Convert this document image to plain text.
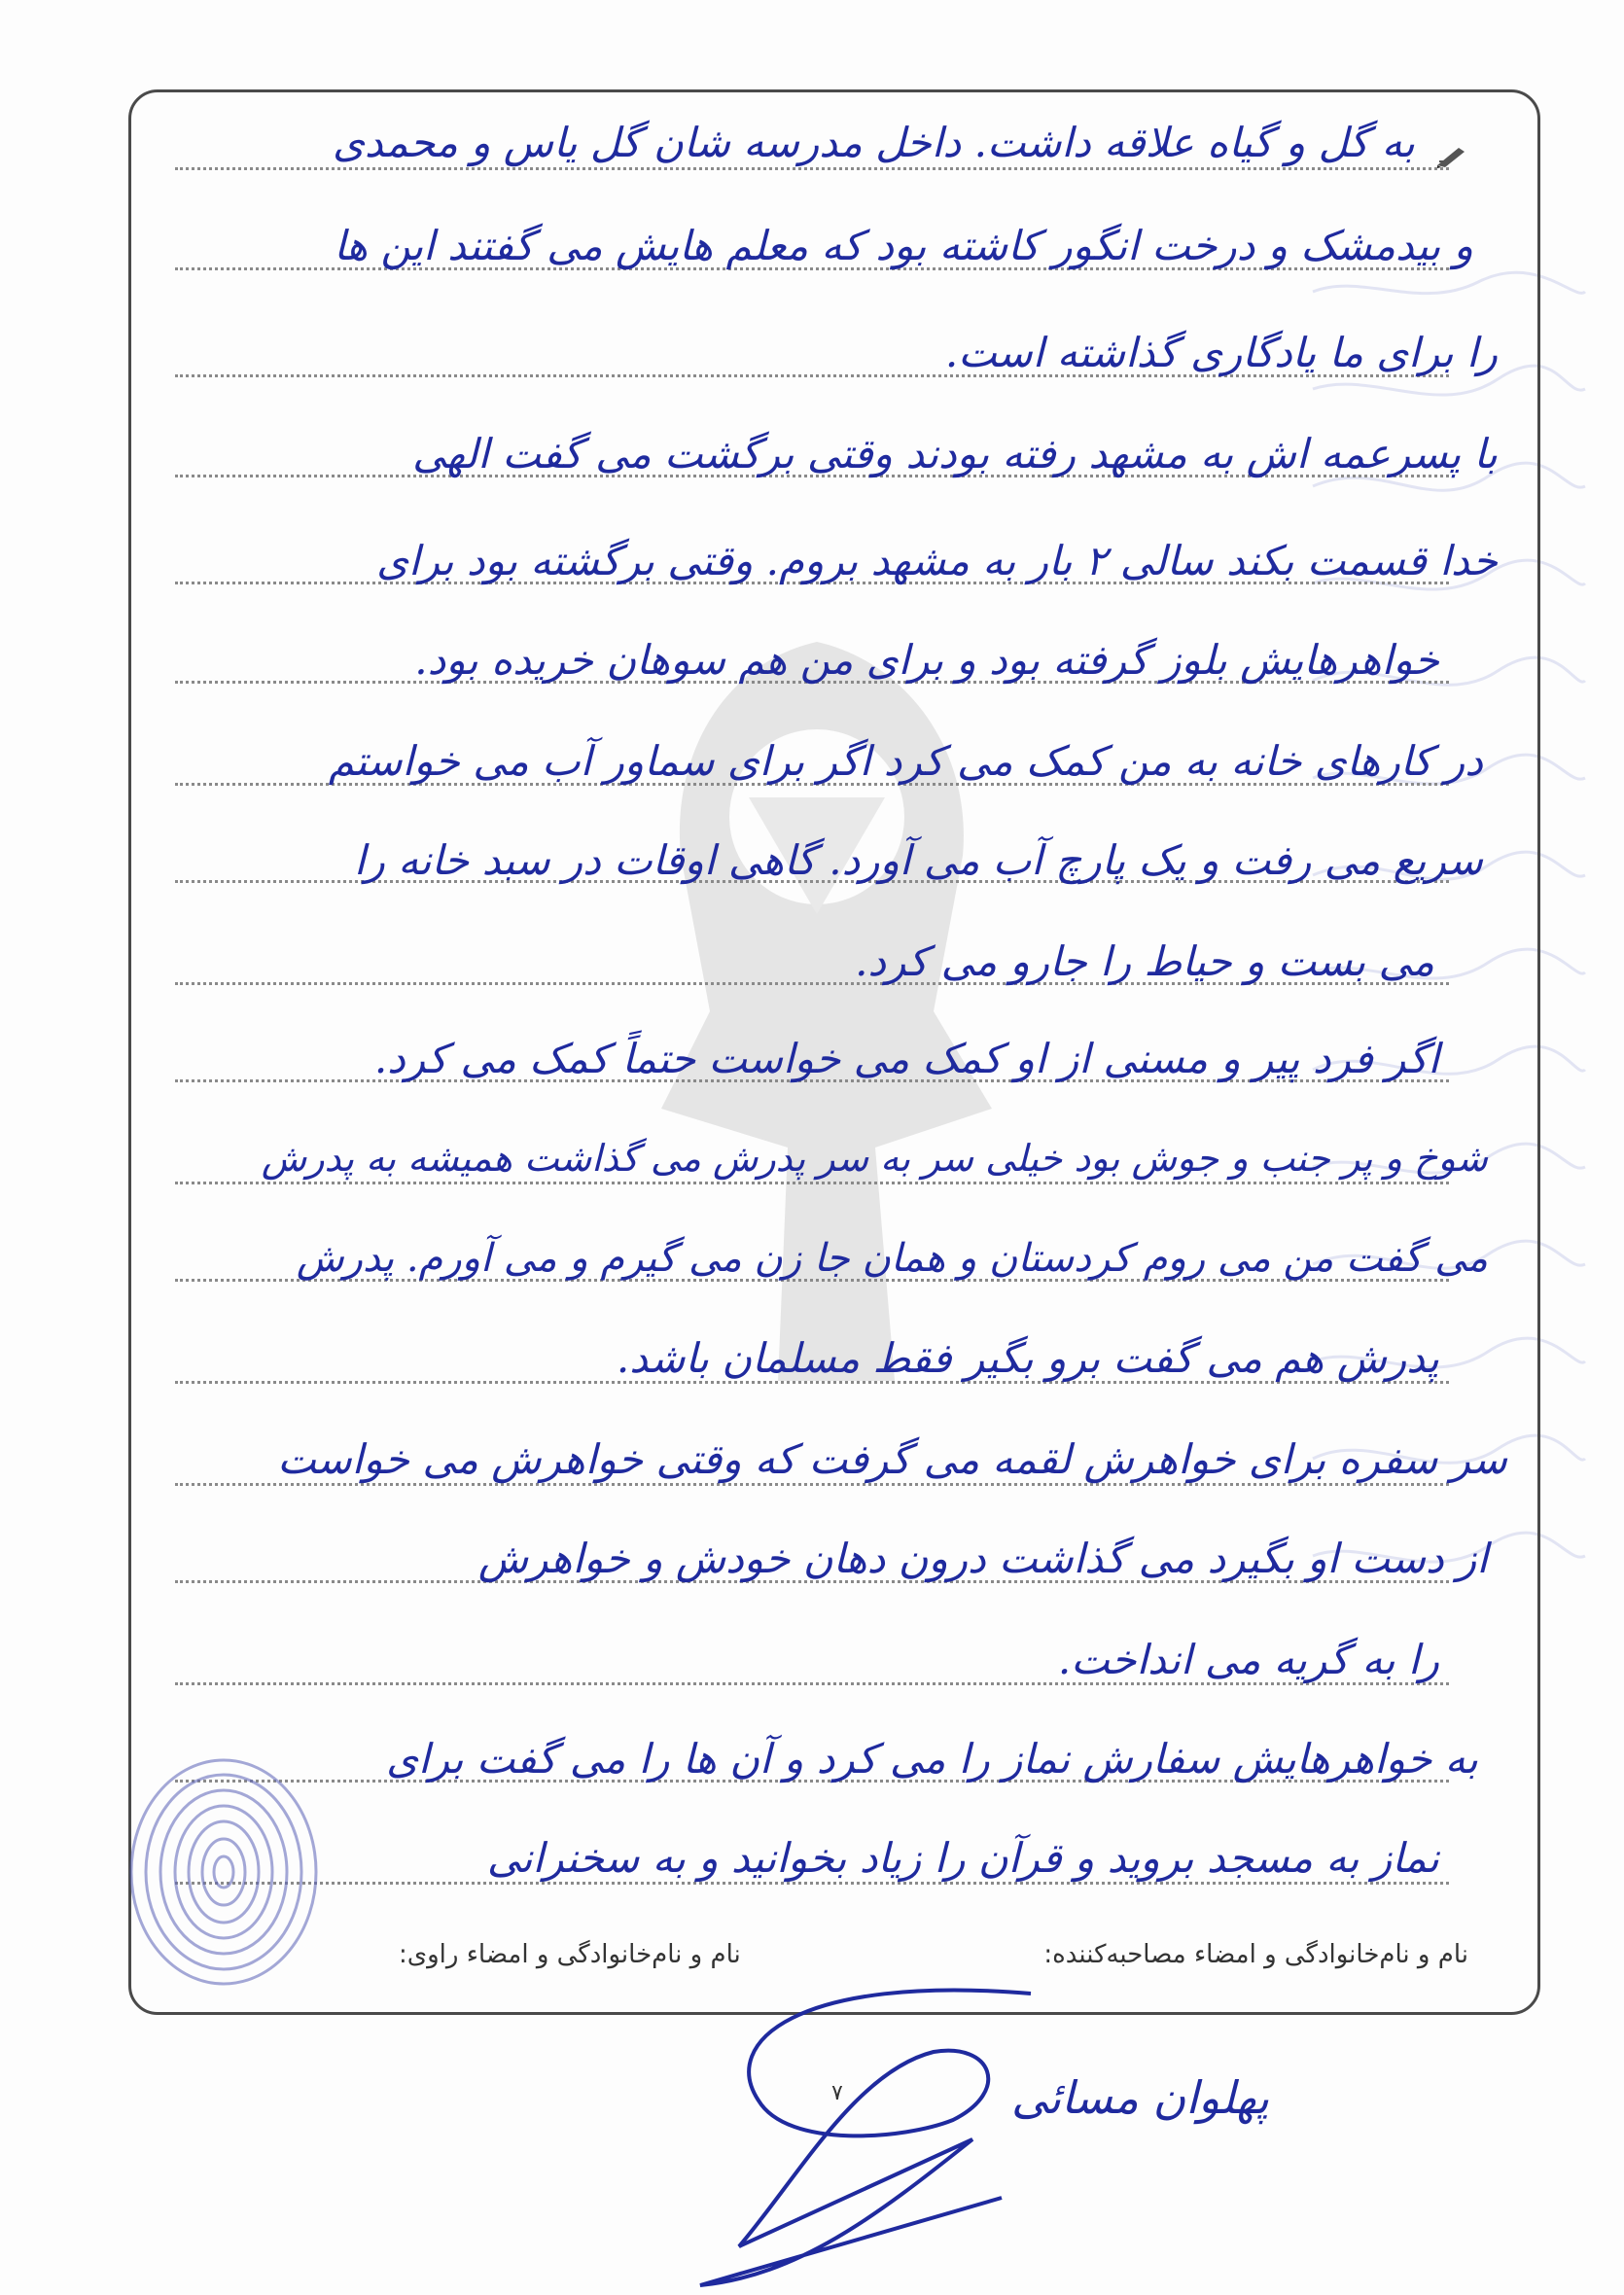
به گل و گیاه علاقه داشت. داخل مدرسه شان گل یاس و محمدی
و بیدمشک و درخت انگور کاشته بود که معلم هایش می گفتند این ها
را برای ما یادگاری گذاشته است.
با پسرعمه اش به مشهد رفته بودند وقتی برگشت می گفت الهی
خدا قسمت بکند سالی ۲ بار به مشهد بروم. وقتی برگشته بود برای
خواهرهایش بلوز گرفته بود و برای من هم سوهان خریده بود.
در کارهای خانه به من کمک می کرد اگر برای سماور آب می خواستم
سریع می رفت و یک پارچ آب می آورد. گاهی اوقات در سبد خانه را
می بست و حیاط را جارو می کرد.
اگر فرد پیر و مسنی از او کمک می خواست حتماً کمک می کرد.
شوخ و پر جنب و جوش بود خیلی سر به سر پدرش می گذاشت همیشه به پدرش
می گفت من می روم کردستان و همان جا زن می گیرم و می آورم. پدرش
پدرش هم می گفت برو بگیر فقط مسلمان باشد.
سر سفره برای خواهرش لقمه می گرفت که وقتی خواهرش می خواست
از دست او بگیرد می گذاشت درون دهان خودش و خواهرش
را به گریه می انداخت.
به خواهرهایش سفارش نماز را می کرد و آن ها را می گفت برای
نماز به مسجد بروید و قرآن را زیاد بخوانید و به سخنرانی
نام و نام‌خانوادگی و امضاء مصاحبه‌کننده:
نام و نام‌خانوادگی و امضاء راوی:
پهلوان مسائی
۷
